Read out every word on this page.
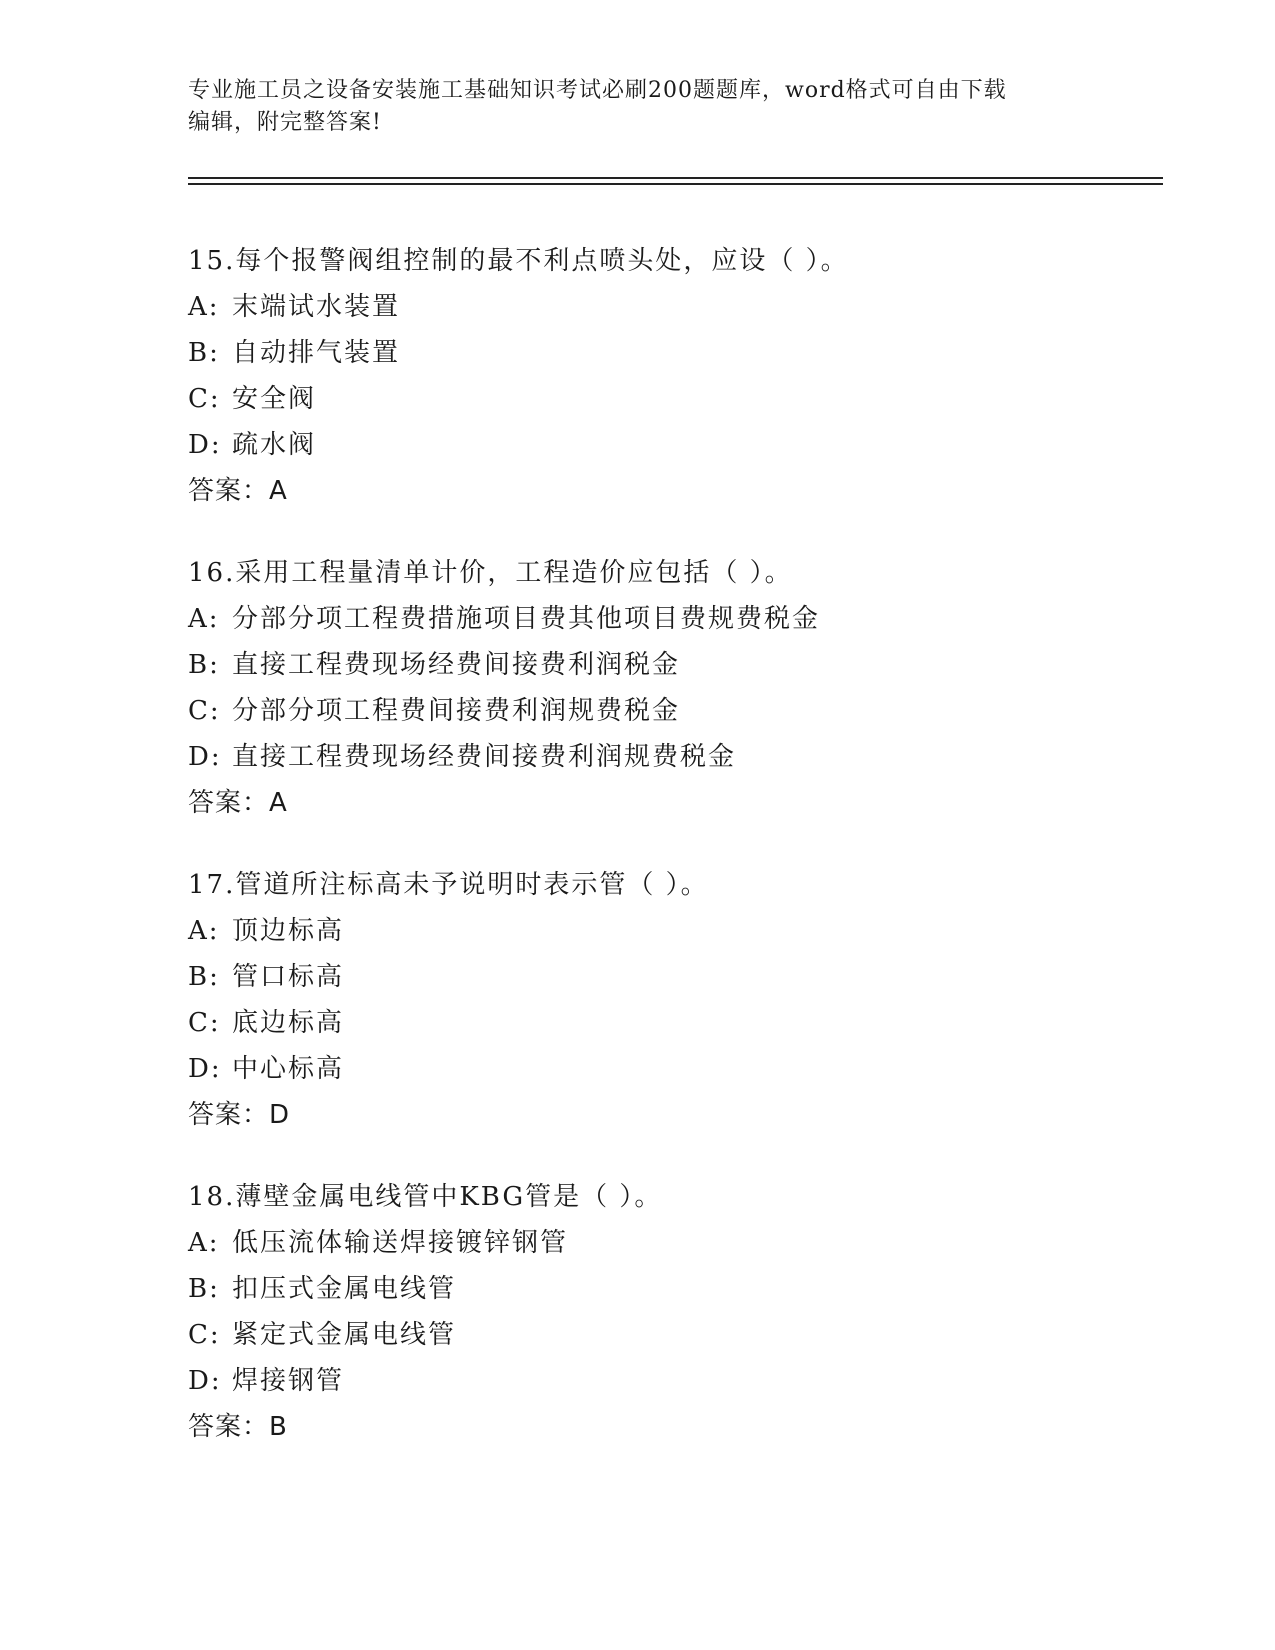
专业施工员之设备安装施工基础知识考试必刷200题题库，word格式可自由下载
编辑，附完整答案!
15.每个报警阀组控制的最不利点喷头处，应设（ ）。
A: 末端试水装置
B: 自动排气装置
C: 安全阀
D: 疏水阀
答案：A
16.采用工程量清单计价，工程造价应包括（ ）。
A: 分部分项工程费措施项目费其他项目费规费税金
B: 直接工程费现场经费间接费利润税金
C: 分部分项工程费间接费利润规费税金
D: 直接工程费现场经费间接费利润规费税金
答案：A
17.管道所注标高未予说明时表示管（ ）。
A: 顶边标高
B: 管口标高
C: 底边标高
D: 中心标高
答案：D
18.薄壁金属电线管中KBG管是（ ）。
A: 低压流体输送焊接镀锌钢管
B: 扣压式金属电线管
C: 紧定式金属电线管
D: 焊接钢管
答案：B
